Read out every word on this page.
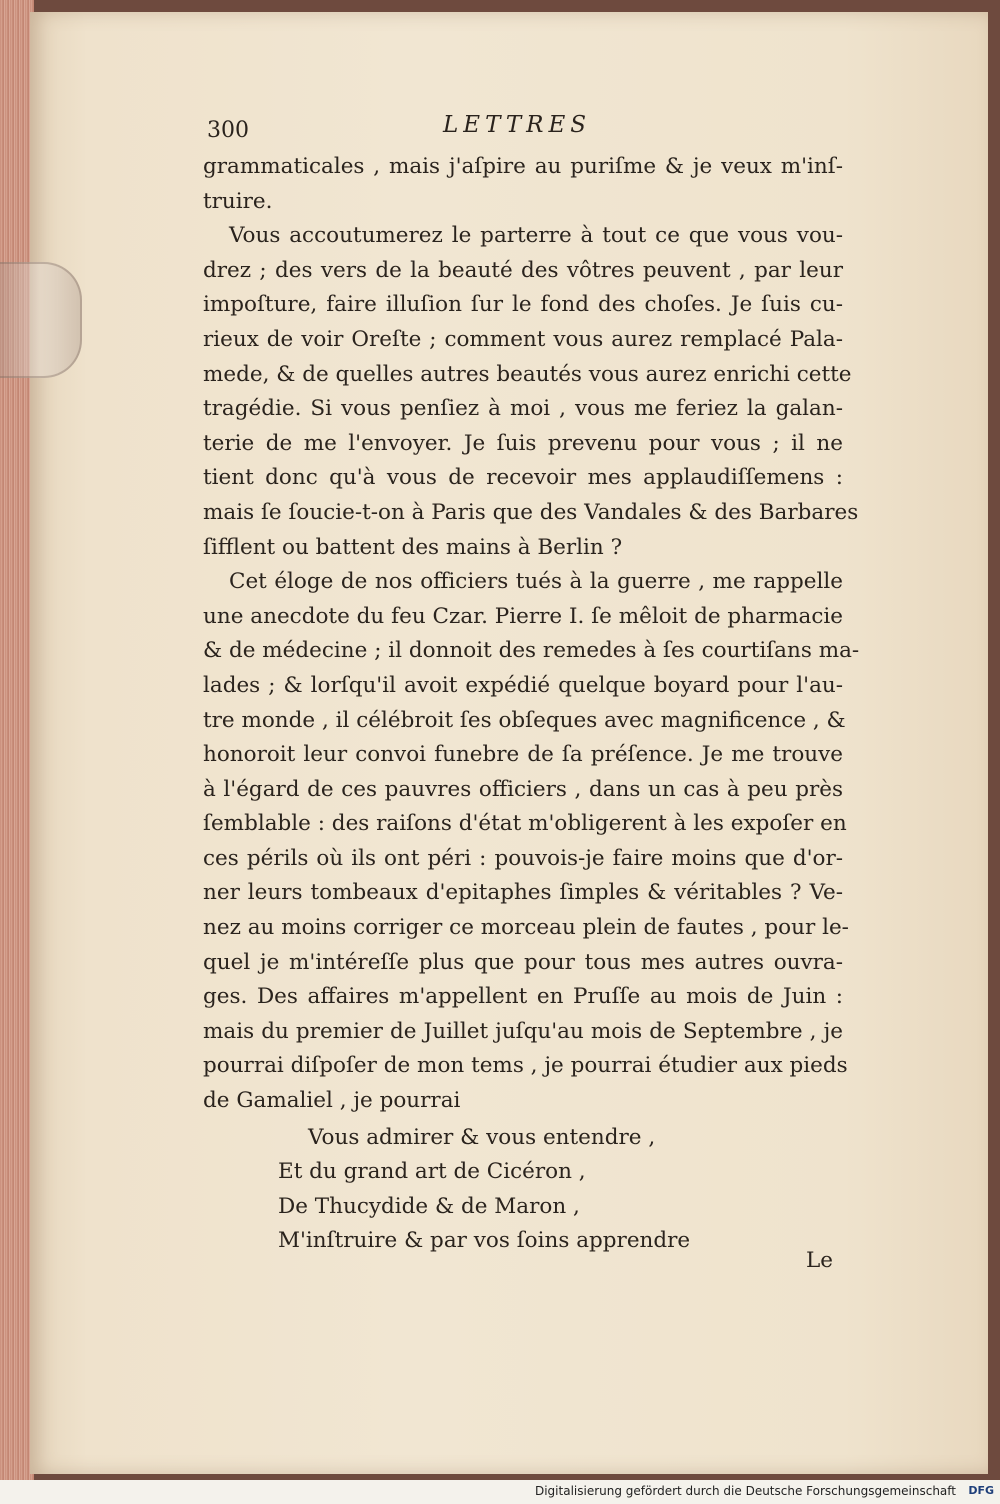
300	LETTRES
grammaticales , mais j'aſpire au puriſme & je veux m'inſ-
truire.
Vous accoutumerez le parterre à tout ce que vous vou-
drez ; des vers de la beauté des vôtres peuvent , par leur
impoſture, faire illuſion ſur le fond des choſes. Je ſuis cu-
rieux de voir Oreſte ; comment vous aurez remplacé Pala-
mede, & de quelles autres beautés vous aurez enrichi cette
tragédie. Si vous penſiez à moi , vous me feriez la galan-
terie de me l'envoyer. Je ſuis prevenu pour vous ; il ne
tient donc qu'à vous de recevoir mes applaudiſſemens :
mais ſe ſoucie-t-on à Paris que des Vandales & des Barbares
ſifflent ou battent des mains à Berlin ?
Cet éloge de nos officiers tués à la guerre , me rappelle
une anecdote du feu Czar. Pierre I. ſe mêloit de pharmacie
& de médecine ; il donnoit des remedes à ſes courtiſans ma-
lades ; & lorſqu'il avoit expédié quelque boyard pour l'au-
tre monde , il célébroit ſes obſeques avec magnificence , &
honoroit leur convoi funebre de ſa préſence. Je me trouve
à l'égard de ces pauvres officiers , dans un cas à peu près
ſemblable : des raiſons d'état m'obligerent à les expoſer en
ces périls où ils ont péri : pouvois-je faire moins que d'or-
ner leurs tombeaux d'epitaphes ſimples & véritables ? Ve-
nez au moins corriger ce morceau plein de fautes , pour le-
quel je m'intéreſſe plus que pour tous mes autres ouvra-
ges. Des affaires m'appellent en Pruſſe au mois de Juin :
mais du premier de Juillet juſqu'au mois de Septembre , je
pourrai diſpoſer de mon tems , je pourrai étudier aux pieds
de Gamaliel , je pourrai
Vous admirer & vous entendre ,
Et du grand art de Cicéron ,
De Thucydide & de Maron ,
M'inſtruire & par vos ſoins apprendre
Le
Digitalisierung gefördert durch die Deutsche Forschungsgemeinschaft DFG
